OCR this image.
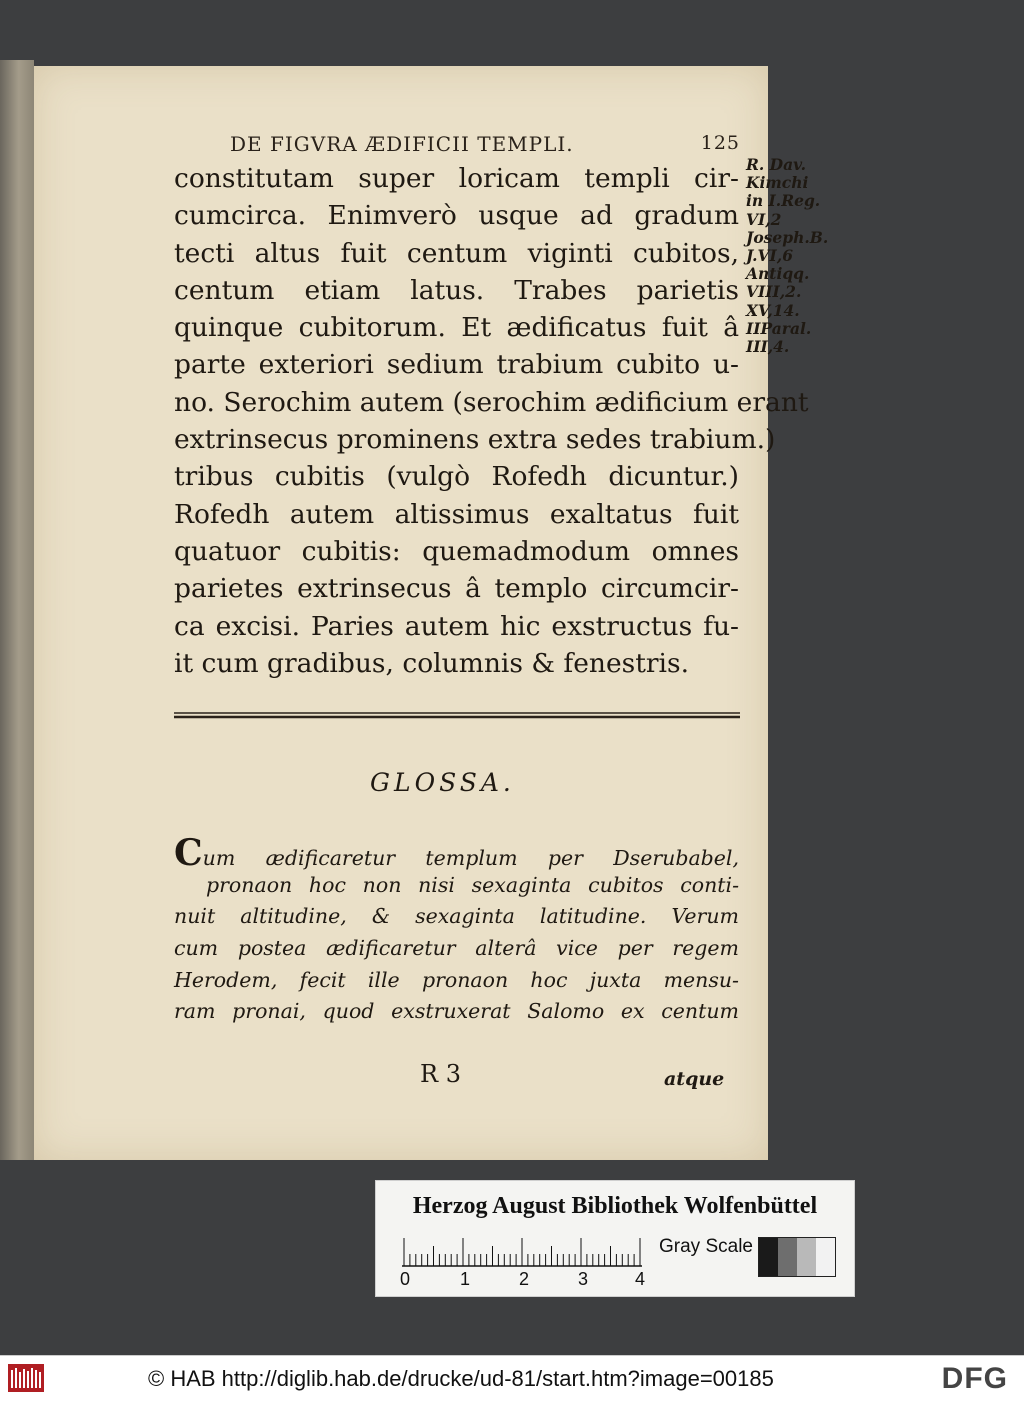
DE FIGVRA ÆDIFICII TEMPLI.	125
constitutam super loricam templi cir-
cumcirca. Enimverò usque ad gradum
tecti altus fuit centum viginti cubitos,
centum etiam latus. Trabes parietis
quinque cubitorum. Et ædificatus fuit â
parte exteriori sedium trabium cubito u-
no. Serochim autem (serochim ædificium erant
extrinsecus prominens extra sedes trabium.)
tribus cubitis (vulgò Rofedh dicuntur.)
Rofedh autem altissimus exaltatus fuit
quatuor cubitis: quemadmodum omnes
parietes extrinsecus â templo circumcir-
ca excisi. Paries autem hic exstructus fu-
it cum gradibus, columnis & fenestris.
R. Dav.
Kimchi
in I.Reg.
VI,2
Joseph.B.
J.VI,6
Antiqq.
VIII,2.
XV,14.
IIParal.
III,4.
GLOSSA.
Cum ædificaretur templum per Dserubabel,
pronaon hoc non nisi sexaginta cubitos conti-
nuit altitudine, & sexaginta latitudine. Verum
cum postea ædificaretur alterâ vice per regem
Herodem, fecit ille pronaon hoc juxta mensu-
ram pronai, quod exstruxerat Salomo ex centum
R 3	atque
Herzog August Bibliothek Wolfenbüttel
0	1	2	3	4
Gray Scale
© HAB http://diglib.hab.de/drucke/ud-81/start.htm?image=00185	DFG
